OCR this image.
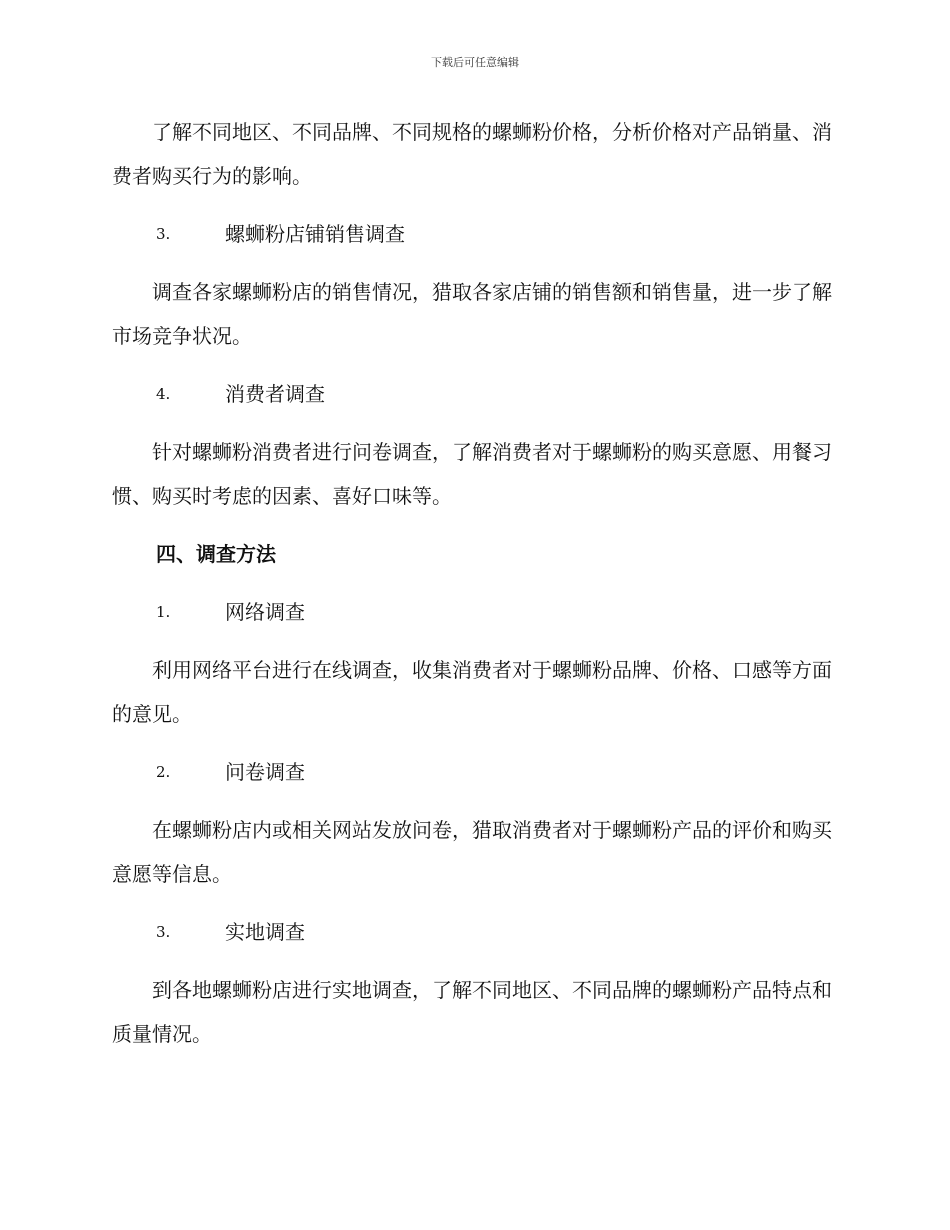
下载后可任意编辑

了解不同地区、不同品牌、不同规格的螺蛳粉价格，分析价格对产品销量、消费者购买行为的影响。

3.	螺蛳粉店铺销售调查

调查各家螺蛳粉店的销售情况，猎取各家店铺的销售额和销售量，进一步了解市场竞争状况。

4.	消费者调查

针对螺蛳粉消费者进行问卷调查，了解消费者对于螺蛳粉的购买意愿、用餐习惯、购买时考虑的因素、喜好口味等。

四、调查方法
1.	网络调查

利用网络平台进行在线调查，收集消费者对于螺蛳粉品牌、价格、口感等方面的意见。

2.	问卷调查

在螺蛳粉店内或相关网站发放问卷，猎取消费者对于螺蛳粉产品的评价和购买意愿等信息。

3.	实地调查

到各地螺蛳粉店进行实地调查，了解不同地区、不同品牌的螺蛳粉产品特点和质量情况。
